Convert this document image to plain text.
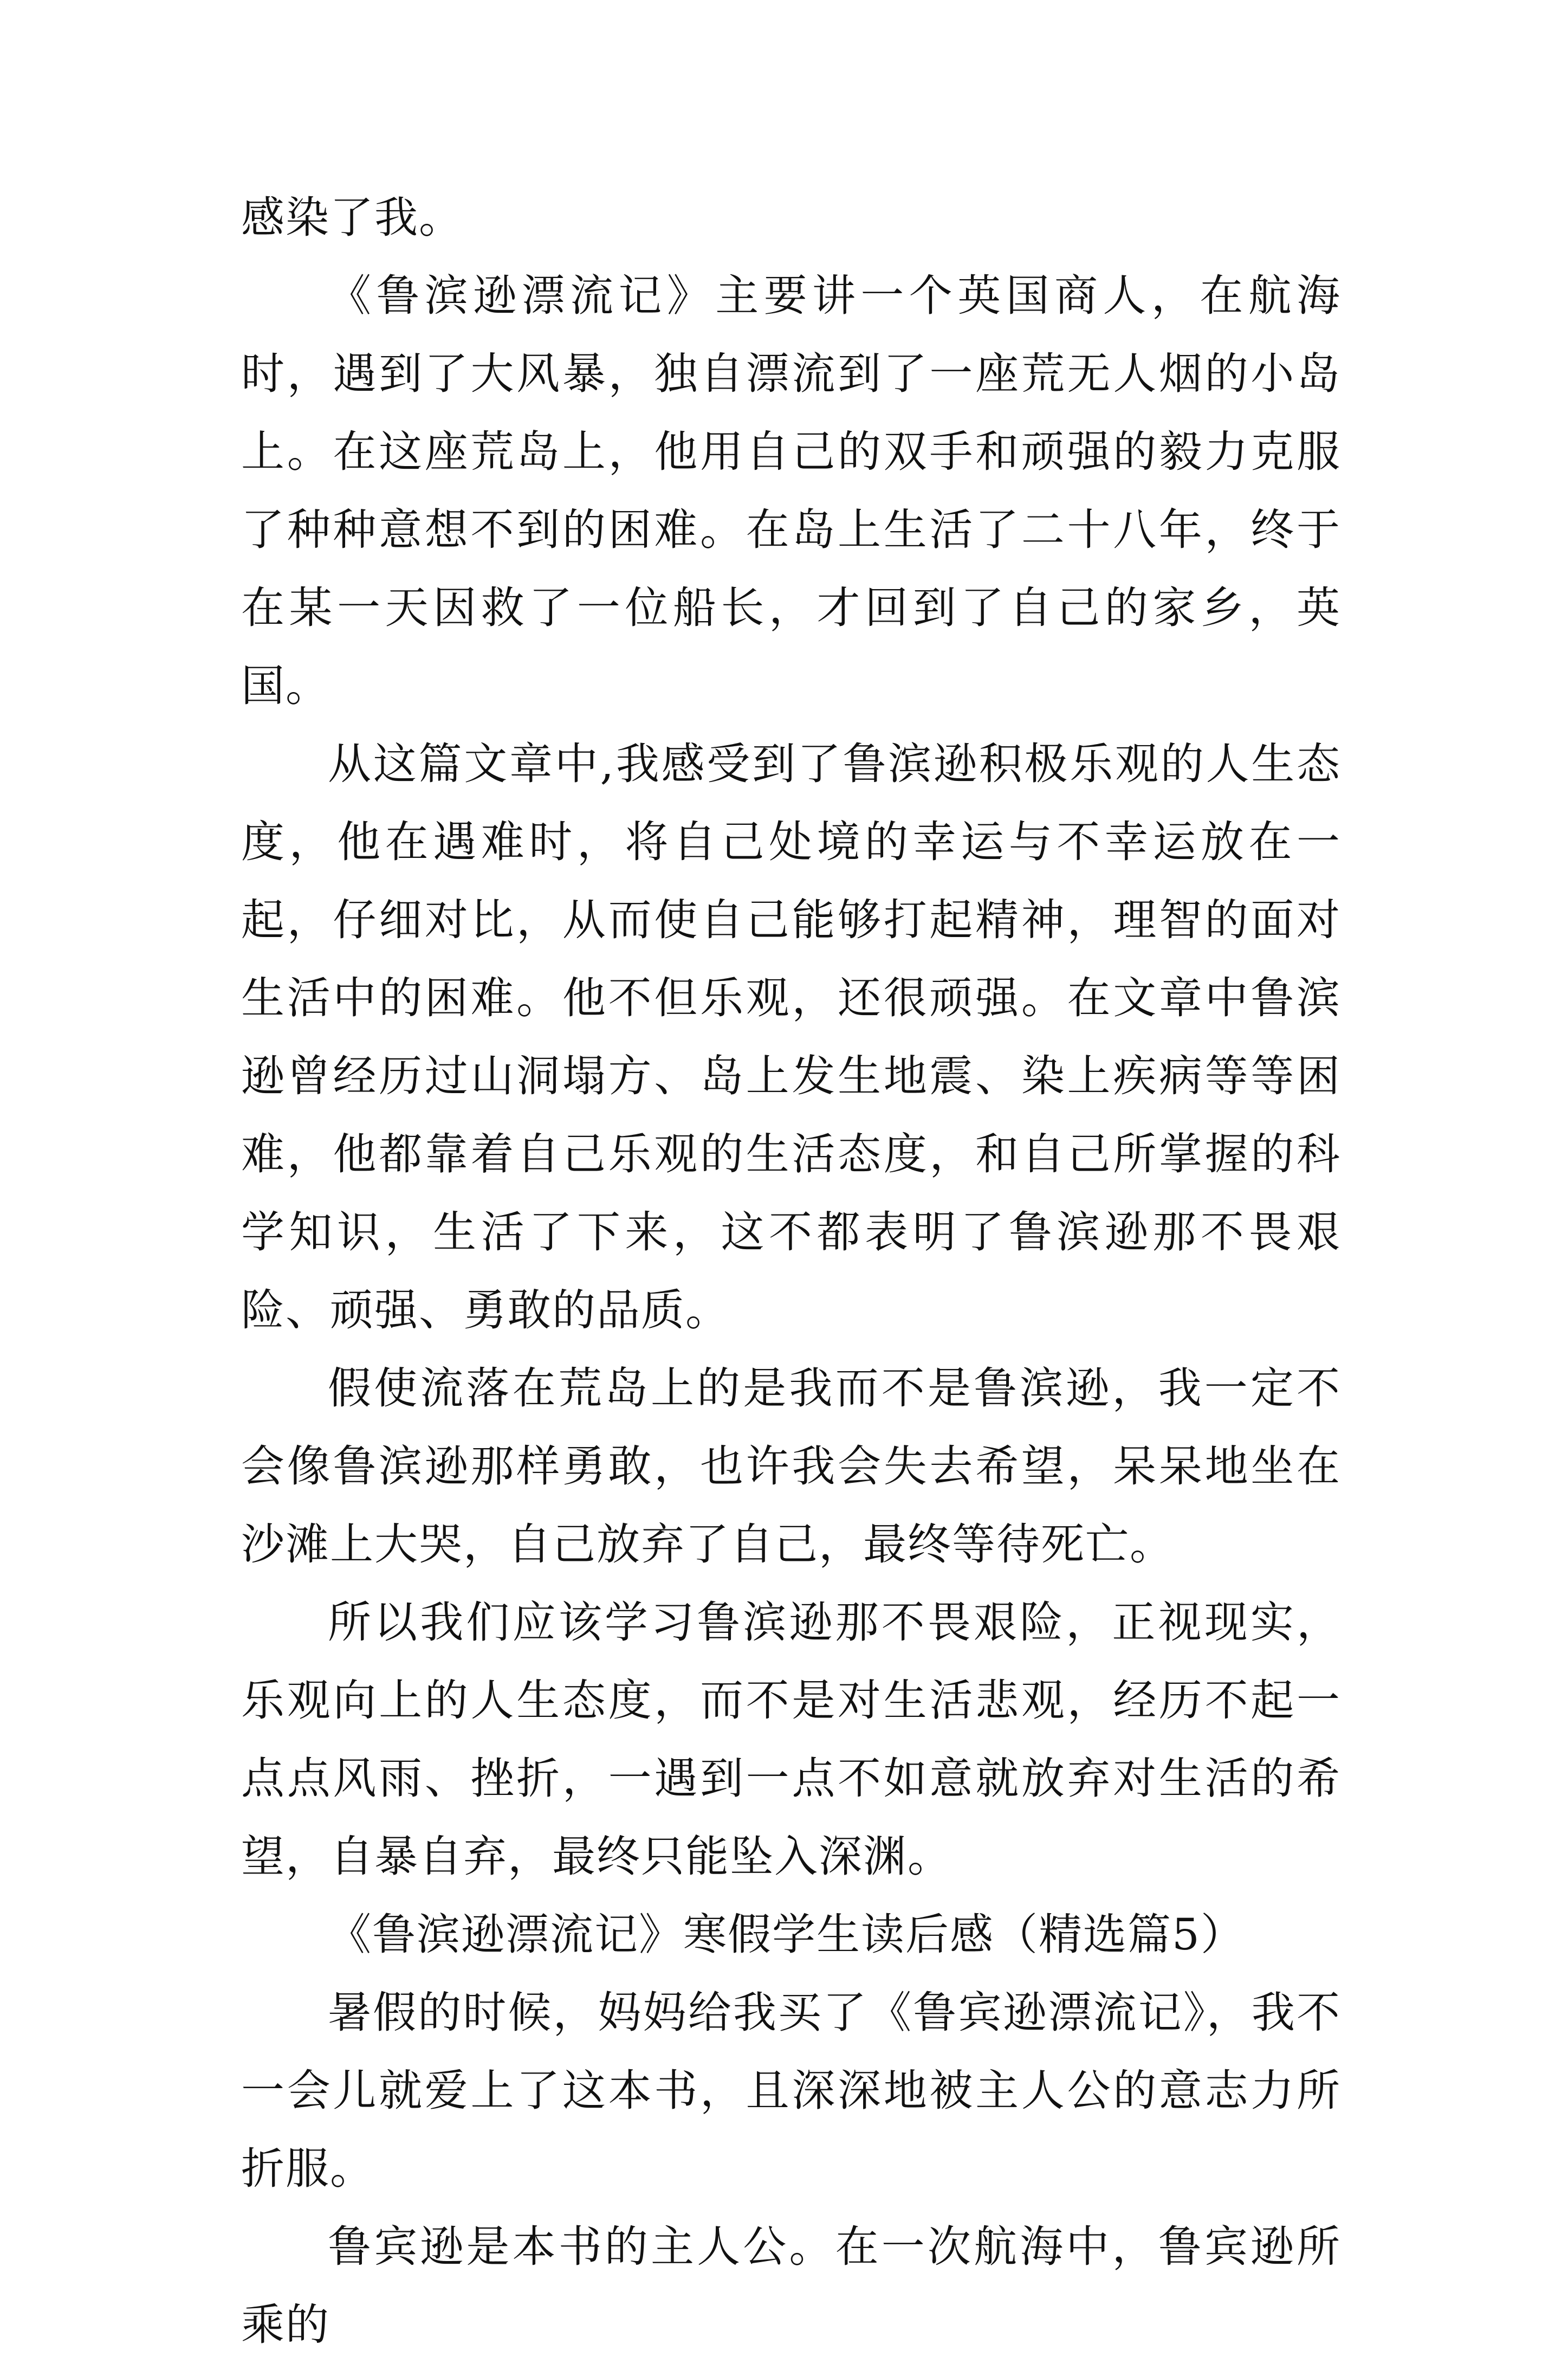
感染了我。

《鲁滨逊漂流记》主要讲一个英国商人，在航海时，遇到了大风暴，独自漂流到了一座荒无人烟的小岛上。在这座荒岛上，他用自己的双手和顽强的毅力克服了种种意想不到的困难。在岛上生活了二十八年，终于在某一天因救了一位船长，才回到了自己的家乡，英国。

从这篇文章中,我感受到了鲁滨逊积极乐观的人生态度，他在遇难时，将自己处境的幸运与不幸运放在一起，仔细对比，从而使自己能够打起精神，理智的面对生活中的困难。他不但乐观，还很顽强。在文章中鲁滨逊曾经历过山洞塌方、岛上发生地震、染上疾病等等困难，他都靠着自己乐观的生活态度，和自己所掌握的科学知识，生活了下来，这不都表明了鲁滨逊那不畏艰险、顽强、勇敢的品质。

假使流落在荒岛上的是我而不是鲁滨逊，我一定不会像鲁滨逊那样勇敢，也许我会失去希望，呆呆地坐在沙滩上大哭，自己放弃了自己，最终等待死亡。

所以我们应该学习鲁滨逊那不畏艰险，正视现实，乐观向上的人生态度，而不是对生活悲观，经历不起一点点风雨、挫折，一遇到一点不如意就放弃对生活的希望，自暴自弃，最终只能坠入深渊。

《鲁滨逊漂流记》寒假学生读后感（精选篇5）

暑假的时候，妈妈给我买了《鲁宾逊漂流记》，我不一会儿就爱上了这本书，且深深地被主人公的意志力所折服。

鲁宾逊是本书的主人公。在一次航海中，鲁宾逊所乘的
